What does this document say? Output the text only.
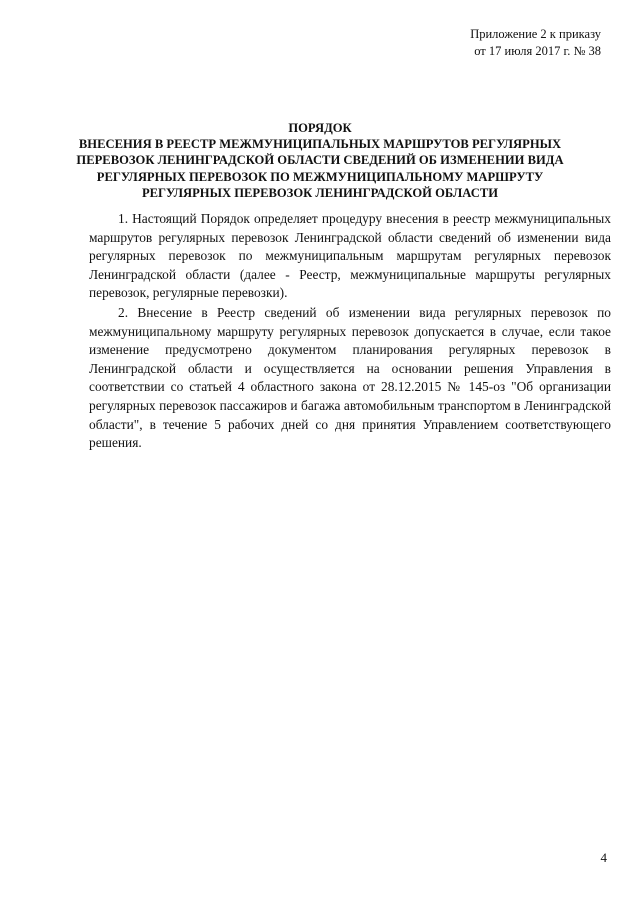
Приложение 2 к приказу
от 17 июля 2017 г. № 38
ПОРЯДОК
ВНЕСЕНИЯ В РЕЕСТР МЕЖМУНИЦИПАЛЬНЫХ МАРШРУТОВ РЕГУЛЯРНЫХ
ПЕРЕВОЗОК ЛЕНИНГРАДСКОЙ ОБЛАСТИ СВЕДЕНИЙ ОБ ИЗМЕНЕНИИ ВИДА
РЕГУЛЯРНЫХ ПЕРЕВОЗОК ПО МЕЖМУНИЦИПАЛЬНОМУ МАРШРУТУ
РЕГУЛЯРНЫХ ПЕРЕВОЗОК ЛЕНИНГРАДСКОЙ ОБЛАСТИ

1. Настоящий Порядок определяет процедуру внесения в реестр межмуниципальных маршрутов регулярных перевозок Ленинградской области сведений об изменении вида регулярных перевозок по межмуниципальным маршрутам регулярных перевозок Ленинградской области (далее - Реестр, межмуниципальные маршруты регулярных перевозок, регулярные перевозки).

2. Внесение в Реестр сведений об изменении вида регулярных перевозок по межмуниципальному маршруту регулярных перевозок допускается в случае, если такое изменение предусмотрено документом планирования регулярных перевозок в Ленинградской области и осуществляется на основании решения Управления в соответствии со статьей 4 областного закона от 28.12.2015 № 145-оз "Об организации регулярных перевозок пассажиров и багажа автомобильным транспортом в Ленинградской области", в течение 5 рабочих дней со дня принятия Управлением соответствующего решения.

4
